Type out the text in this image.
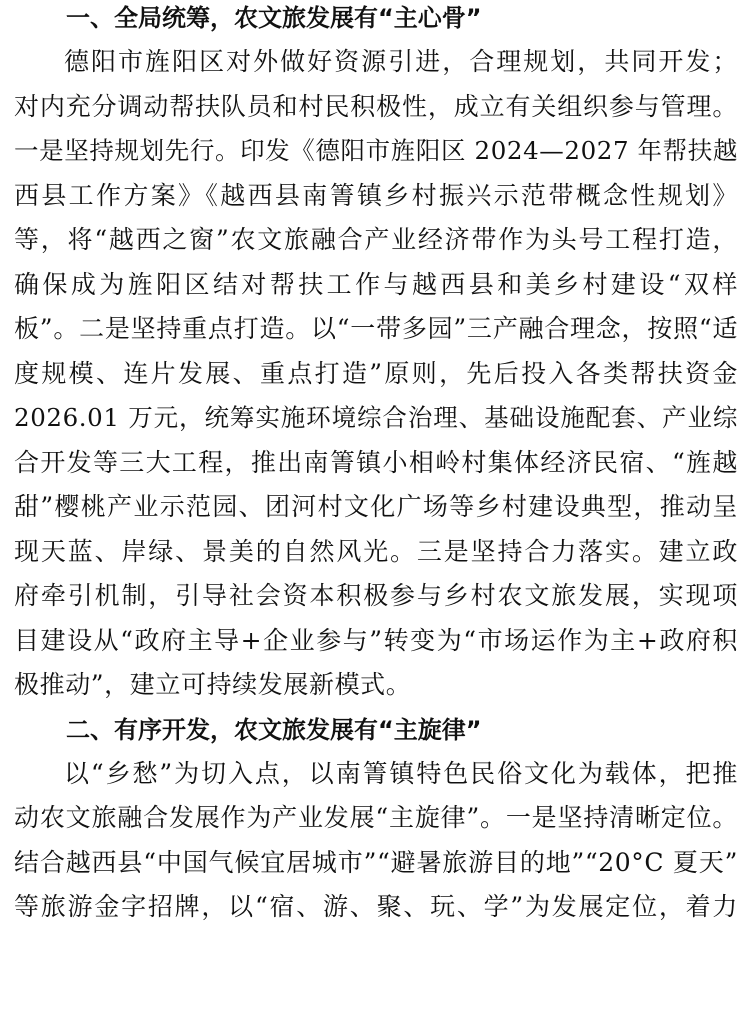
一、全局统筹，农文旅发展有“主心骨”
德阳市旌阳区对外做好资源引进，合理规划，共同开发；
对内充分调动帮扶队员和村民积极性，成立有关组织参与管理。
一是坚持规划先行。印发《德阳市旌阳区 2024—2027 年帮扶越
西县工作方案》《越西县南箐镇乡村振兴示范带概念性规划》
等，将“越西之窗”农文旅融合产业经济带作为头号工程打造，
确保成为旌阳区结对帮扶工作与越西县和美乡村建设“双样
板”。二是坚持重点打造。以“一带多园”三产融合理念，按照“适
度规模、连片发展、重点打造”原则，先后投入各类帮扶资金
2026.01 万元，统筹实施环境综合治理、基础设施配套、产业综
合开发等三大工程，推出南箐镇小相岭村集体经济民宿、“旌越
甜”樱桃产业示范园、团河村文化广场等乡村建设典型，推动呈
现天蓝、岸绿、景美的自然风光。三是坚持合力落实。建立政
府牵引机制，引导社会资本积极参与乡村农文旅发展，实现项
目建设从“政府主导+企业参与”转变为“市场运作为主+政府积
极推动”，建立可持续发展新模式。
二、有序开发，农文旅发展有“主旋律”
以“乡愁”为切入点，以南箐镇特色民俗文化为载体，把推
动农文旅融合发展作为产业发展“主旋律”。一是坚持清晰定位。
结合越西县“中国气候宜居城市”“避暑旅游目的地”“20°C 夏天”
等旅游金字招牌，以“宿、游、聚、玩、学”为发展定位，着力
